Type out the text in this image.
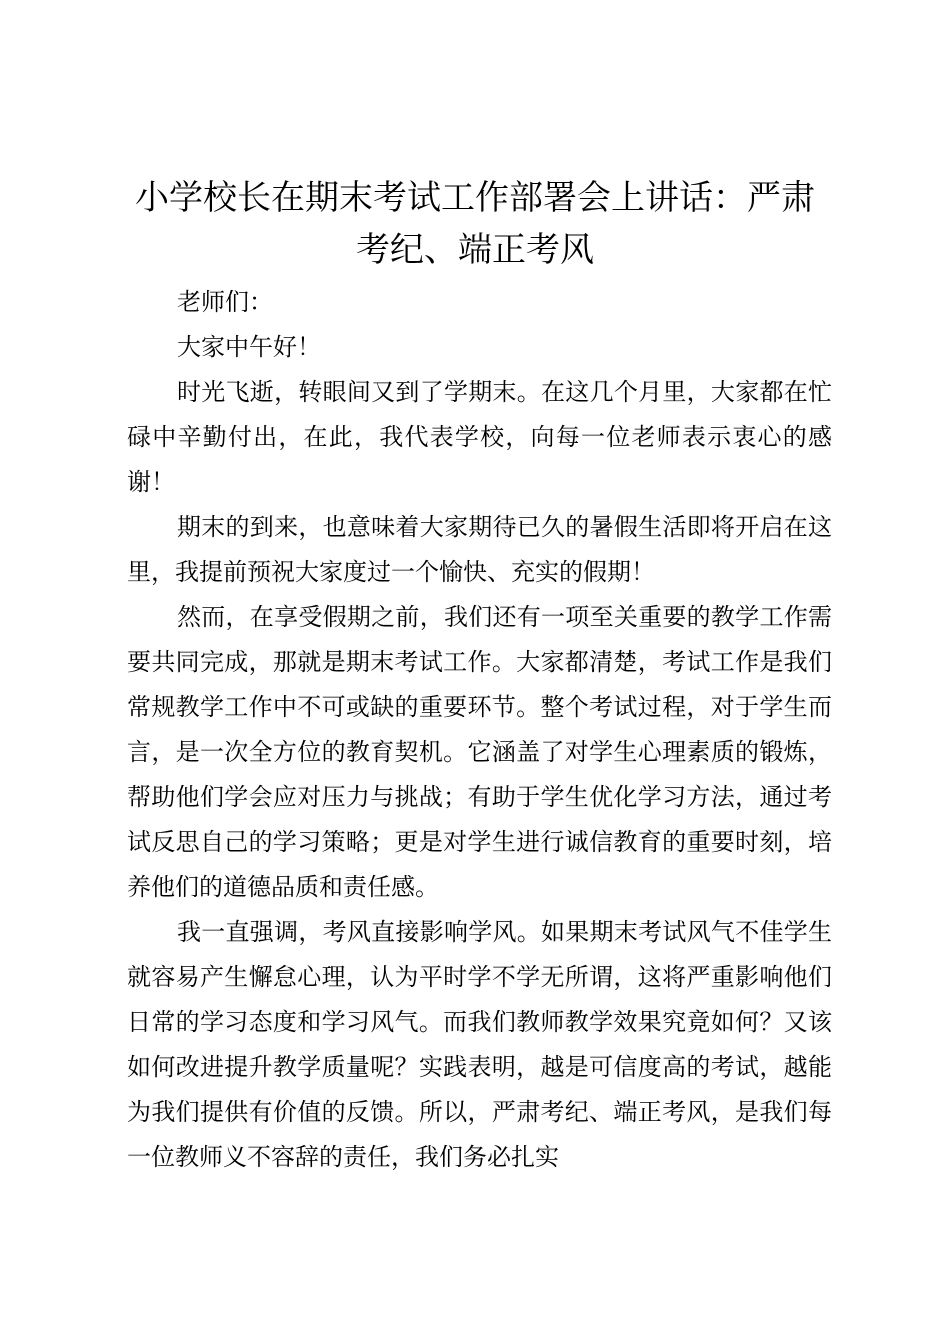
小学校长在期末考试工作部署会上讲话：严肃
考纪、端正考风

老师们：

大家中午好！

时光飞逝，转眼间又到了学期末。在这几个月里，大家都在忙碌中辛勤付出，在此，我代表学校，向每一位老师表示衷心的感谢！

期末的到来，也意味着大家期待已久的暑假生活即将开启在这里，我提前预祝大家度过一个愉快、充实的假期！

然而，在享受假期之前，我们还有一项至关重要的教学工作需要共同完成，那就是期末考试工作。大家都清楚，考试工作是我们常规教学工作中不可或缺的重要环节。整个考试过程，对于学生而言，是一次全方位的教育契机。它涵盖了对学生心理素质的锻炼，帮助他们学会应对压力与挑战；有助于学生优化学习方法，通过考试反思自己的学习策略；更是对学生进行诚信教育的重要时刻，培养他们的道德品质和责任感。

我一直强调，考风直接影响学风。如果期末考试风气不佳学生就容易产生懈怠心理，认为平时学不学无所谓，这将严重影响他们日常的学习态度和学习风气。而我们教师教学效果究竟如何？又该如何改进提升教学质量呢？实践表明，越是可信度高的考试，越能为我们提供有价值的反馈。所以，严肃考纪、端正考风，是我们每一位教师义不容辞的责任，我们务必扎实
